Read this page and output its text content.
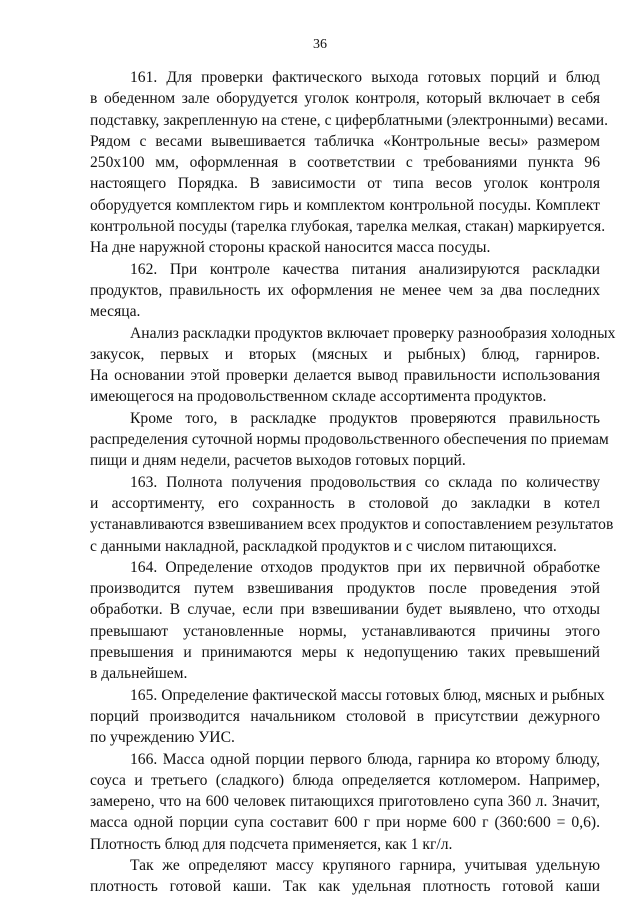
36
161. Для проверки фактического выхода готовых порций и блюд
в обеденном зале оборудуется уголок контроля, который включает в себя
подставку, закрепленную на стене, с циферблатными (электронными) весами.
Рядом с весами вывешивается табличка «Контрольные весы» размером
250x100 мм, оформленная в соответствии с требованиями пункта 96
настоящего Порядка. В зависимости от типа весов уголок контроля
оборудуется комплектом гирь и комплектом контрольной посуды. Комплект
контрольной посуды (тарелка глубокая, тарелка мелкая, стакан) маркируется.
На дне наружной стороны краской наносится масса посуды.
162. При контроле качества питания анализируются раскладки
продуктов, правильность их оформления не менее чем за два последних
месяца.
Анализ раскладки продуктов включает проверку разнообразия холодных
закусок, первых и вторых (мясных и рыбных) блюд, гарниров.
На основании этой проверки делается вывод правильности использования
имеющегося на продовольственном складе ассортимента продуктов.
Кроме того, в раскладке продуктов проверяются правильность
распределения суточной нормы продовольственного обеспечения по приемам
пищи и дням недели, расчетов выходов готовых порций.
163. Полнота получения продовольствия со склада по количеству
и ассортименту, его сохранность в столовой до закладки в котел
устанавливаются взвешиванием всех продуктов и сопоставлением результатов
с данными накладной, раскладкой продуктов и с числом питающихся.
164. Определение отходов продуктов при их первичной обработке
производится путем взвешивания продуктов после проведения этой
обработки. В случае, если при взвешивании будет выявлено, что отходы
превышают установленные нормы, устанавливаются причины этого
превышения и принимаются меры к недопущению таких превышений
в дальнейшем.
165. Определение фактической массы готовых блюд, мясных и рыбных
порций производится начальником столовой в присутствии дежурного
по учреждению УИС.
166. Масса одной порции первого блюда, гарнира ко второму блюду,
соуса и третьего (сладкого) блюда определяется котломером. Например,
замерено, что на 600 человек питающихся приготовлено супа 360 л. Значит,
масса одной порции супа составит 600 г при норме 600 г (360:600 = 0,6).
Плотность блюд для подсчета применяется, как 1 кг/л.
Так же определяют массу крупяного гарнира, учитывая удельную
плотность готовой каши. Так как удельная плотность готовой каши
